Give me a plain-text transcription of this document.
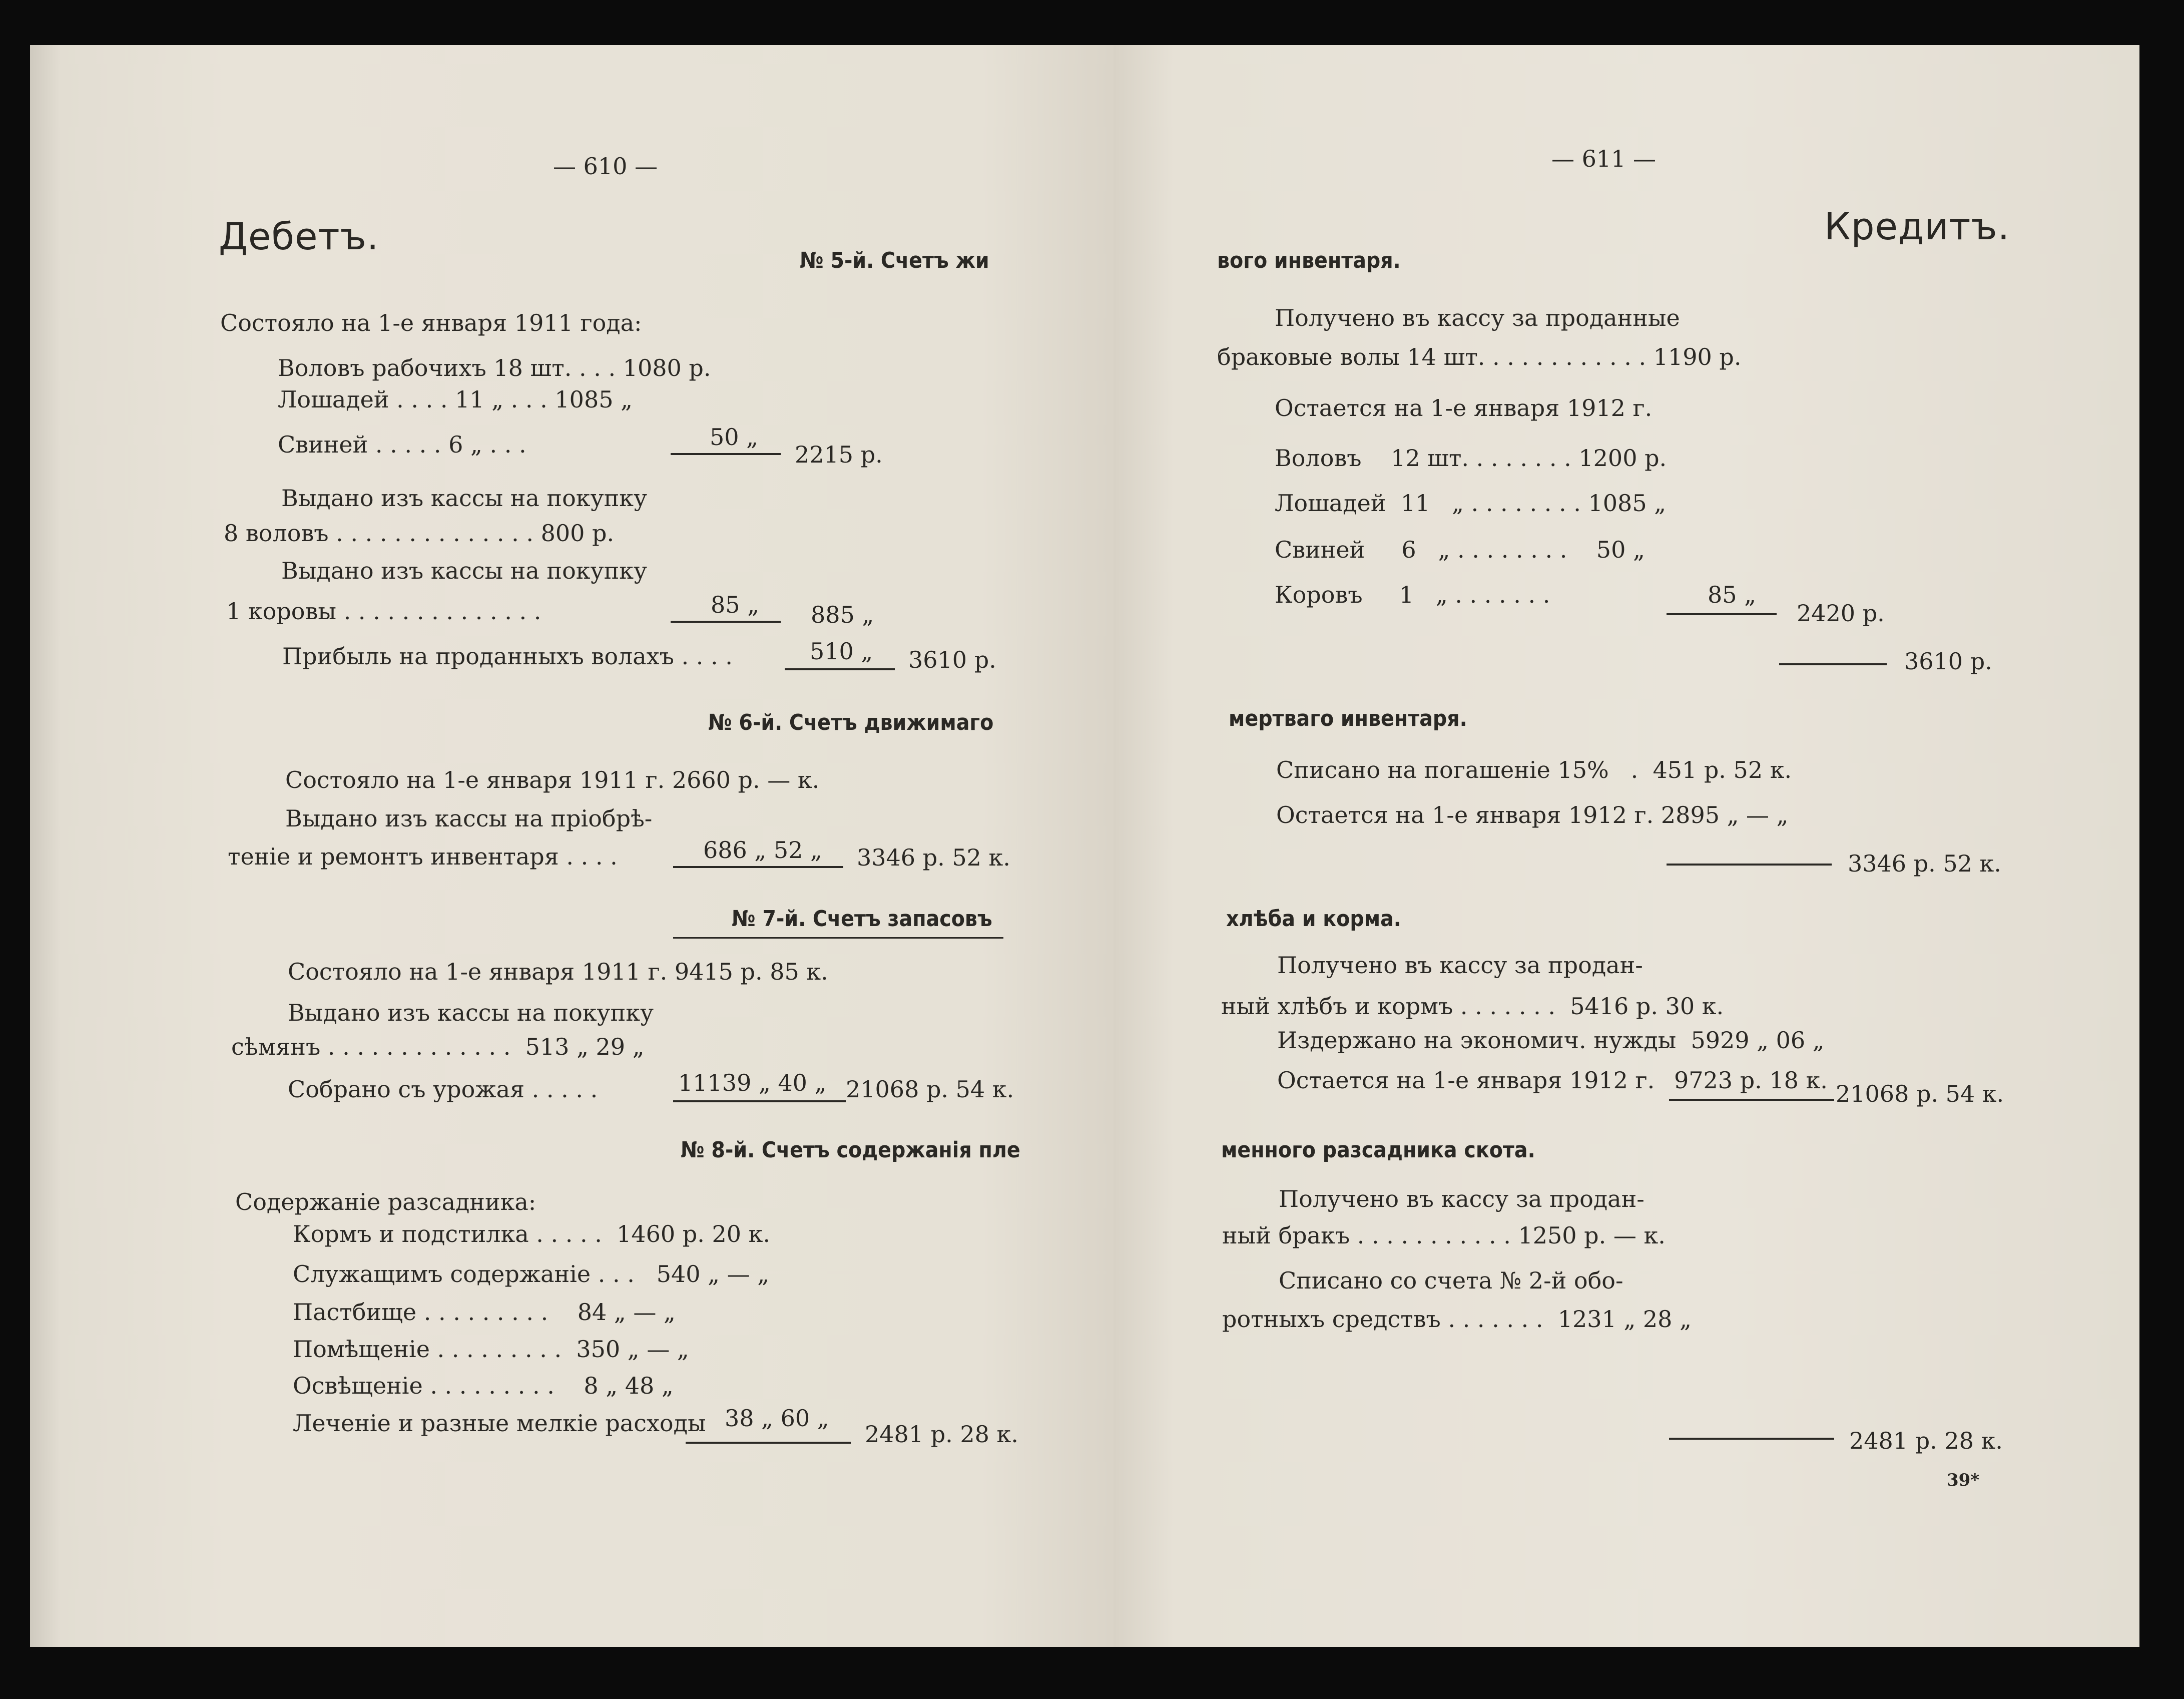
— 610 —
Дебетъ.
№ 5-й. Счетъ жи
Состояло на 1-е января 1911 года:
Воловъ рабочихъ 18 шт. . . . 1080 р.
Лошадей . . . . 11 „ . . . 1085 „
Свиней . . . . . 6 „ . . .	50 „
2215 р.
Выдано изъ кассы на покупку
8 воловъ . . . . . . . . . . . . . . 800 р.
Выдано изъ кассы на покупку
1 коровы . . . . . . . . . . . . . .	85 „ 885 „
Прибыль на проданныхъ волахъ . . . .	510 „ 3610 р.
№ 6-й. Счетъ движимаго
Состояло на 1-е января 1911 г. 2660 р. — к.
Выдано изъ кассы на пріобрѣ-
теніе и ремонтъ инвентаря . . . .	686 „ 52 „ 3346 р. 52 к.
№ 7-й. Счетъ запасовъ
Состояло на 1-е января 1911 г. 9415 р. 85 к.
Выдано изъ кассы на покупку
сѣмянъ . . . . . . . . . . . . .  513 „ 29 „
Собрано съ урожая . . . . .	11139 „ 40 „ 21068 р. 54 к.
№ 8-й. Счетъ содержанія пле
Содержаніе разсадника:
Кормъ и подстилка . . . . .  1460 р. 20 к.
Служащимъ содержаніе . . .   540 „ — „
Пастбище . . . . . . . . .    84 „ — „
Помѣщеніе . . . . . . . . .  350 „ — „
Освѣщеніе . . . . . . . . .    8 „ 48 „
Леченіе и разные мелкіе расходы 38 „ 60 „
2481 р. 28 к.
— 611 —
Кредитъ.
вого инвентаря.
Получено въ кассу за проданные
браковые волы 14 шт. . . . . . . . . . . . 1190 р.
Остается на 1-е января 1912 г.
Воловъ    12 шт. . . . . . . . 1200 р.
Лошадей  11   „ . . . . . . . . 1085 „
Свиней     6   „ . . . . . . . .    50 „
Коровъ     1   „ . . . . . . .	85 „
2420 р.
3610 р.
мертваго инвентаря.
Списано на погашеніе 15%   .  451 р. 52 к.
Остается на 1-е января 1912 г. 2895 „ — „
3346 р. 52 к.
хлѣба и корма.
Получено въ кассу за продан-
ный хлѣбъ и кормъ . . . . . . .  5416 р. 30 к.
Издержано на экономич. нужды  5929 „ 06 „
Остается на 1-е января 1912 г. 9723 р. 18 к. 21068 р. 54 к.
менного разсадника скота.
Получено въ кассу за продан-
ный бракъ . . . . . . . . . . . 1250 р. — к.
Списано со счета № 2-й обо-
ротныхъ средствъ . . . . . . .  1231 „ 28 „
2481 р. 28 к.
39*
